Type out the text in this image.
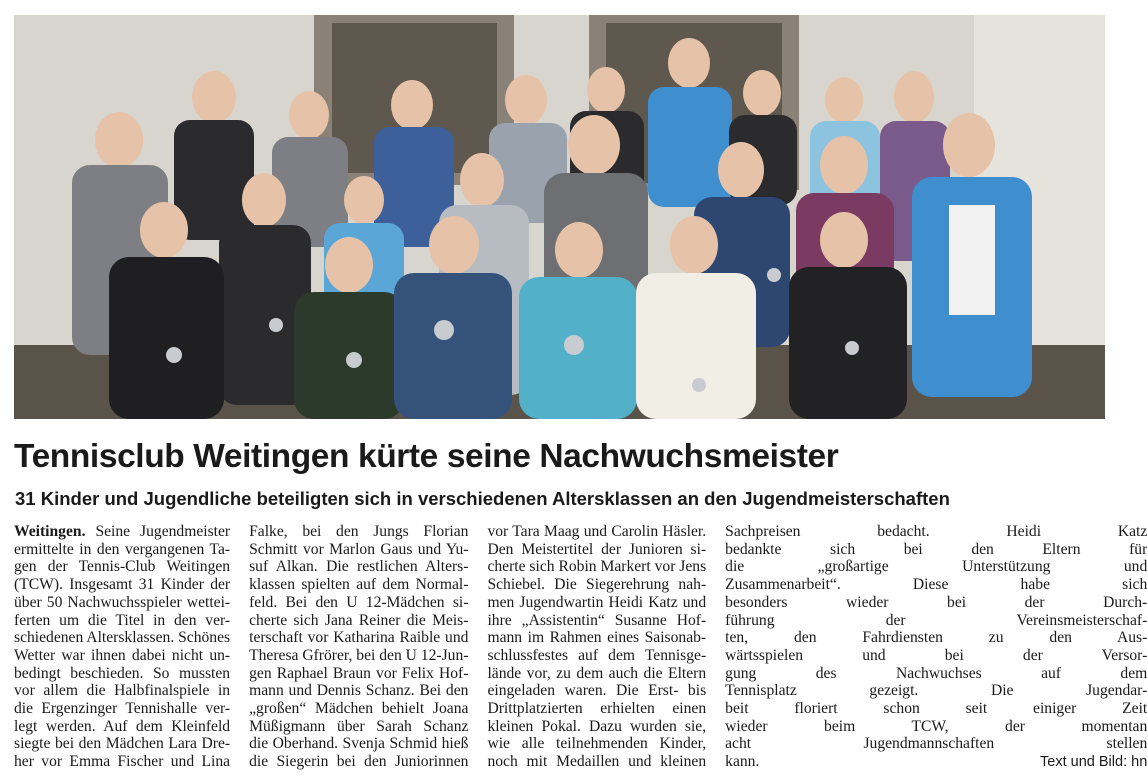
Tennisclub Weitingen kürte seine Nachwuchsmeister
31 Kinder und Jugendliche beteiligten sich in verschiedenen Altersklassen an den Jugendmeisterschaften
Weitingen. Seine Jugendmeister
ermittelte in den vergangenen Ta-
gen der Tennis-Club Weitingen
(TCW). Insgesamt 31 Kinder der
über 50 Nachwuchsspieler wettei-
ferten um die Titel in den ver-
schiedenen Altersklassen. Schönes
Wetter war ihnen dabei nicht un-
bedingt beschieden. So mussten
vor allem die Halbfinalspiele in
die Ergenzinger Tennishalle ver-
legt werden. Auf dem Kleinfeld
siegte bei den Mädchen Lara Dre-
her vor Emma Fischer und Lina
Falke, bei den Jungs Florian
Schmitt vor Marlon Gaus und Yu-
suf Alkan. Die restlichen Alters-
klassen spielten auf dem Normal-
feld. Bei den U 12-Mädchen si-
cherte sich Jana Reiner die Meis-
terschaft vor Katharina Raible und
Theresa Gfrörer, bei den U 12-Jun-
gen Raphael Braun vor Felix Hof-
mann und Dennis Schanz. Bei den
„großen“ Mädchen behielt Joana
Müßigmann über Sarah Schanz
die Oberhand. Svenja Schmid hieß
die Siegerin bei den Juniorinnen
vor Tara Maag und Carolin Häsler.
Den Meistertitel der Junioren si-
cherte sich Robin Markert vor Jens
Schiebel. Die Siegerehrung nah-
men Jugendwartin Heidi Katz und
ihre „Assistentin“ Susanne Hof-
mann im Rahmen eines Saisonab-
schlussfestes auf dem Tennisge-
lände vor, zu dem auch die Eltern
eingeladen waren. Die Erst- bis
Drittplatzierten erhielten einen
kleinen Pokal. Dazu wurden sie,
wie alle teilnehmenden Kinder,
noch mit Medaillen und kleinen
Sachpreisen bedacht. Heidi Katz
bedankte sich bei den Eltern für
die „großartige Unterstützung und
Zusammenarbeit“. Diese habe sich
besonders wieder bei der Durch-
führung der Vereinsmeisterschaf-
ten, den Fahrdiensten zu den Aus-
wärtsspielen und bei der Versor-
gung des Nachwuchses auf dem
Tennisplatz gezeigt. Die Jugendar-
beit floriert schon seit einiger Zeit
wieder beim TCW, der momentan
acht Jugendmannschaften stellen
kann.	Text und Bild: hn
